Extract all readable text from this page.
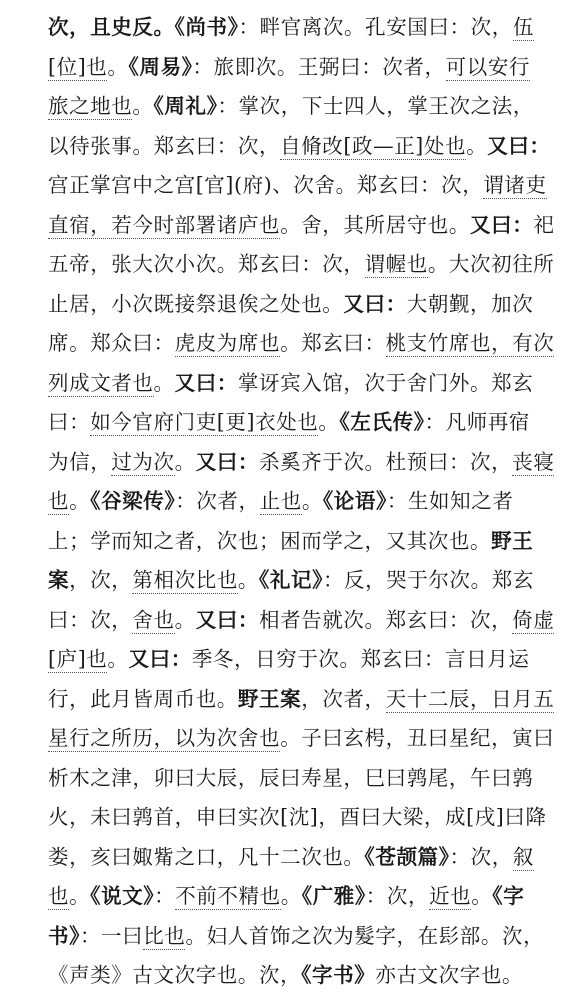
次，且史反。《尚书》：畔官离次。孔安国曰：次，伍
[位]也。《周易》：旅即次。王弼曰：次者，可以安行
旅之地也。《周礼》：掌次，下士四人，掌王次之法，
以待张事。郑玄曰：次，自脩改[政—正]处也。又曰：
宫正掌宫中之宫[官](府)、次舍。郑玄曰：次，谓诸吏
直宿，若今时部署诸庐也。舍，其所居守也。又曰：祀
五帝，张大次小次。郑玄曰：次，谓幄也。大次初往所
止居，小次既接祭退俟之处也。又曰：大朝觐，加次
席。郑众曰：虎皮为席也。郑玄曰：桃支竹席也，有次
列成文者也。又曰：掌讶宾入馆，次于舍门外。郑玄
曰：如今官府门吏[更]衣处也。《左氏传》：凡师再宿
为信，过为次。又曰：杀奚齐于次。杜预曰：次，丧寝
也。《谷梁传》：次者，止也。《论语》：生如知之者
上；学而知之者，次也；困而学之，又其次也。野王
案，次，第相次比也。《礼记》：反，哭于尔次。郑玄
曰：次，舍也。又曰：相者告就次。郑玄曰：次，倚虚
[庐]也。又曰：季冬，日穷于次。郑玄曰：言日月运
行，此月皆周币也。野王案，次者，天十二辰，日月五
星行之所历，以为次舍也。子曰玄枵，丑曰星纪，寅曰
析木之津，卯曰大辰，辰曰寿星，巳曰鹑尾，午曰鹑
火，未曰鹑首，申曰实次[沈]，酉曰大梁，成[戌]曰降
娄，亥曰娵觜之口，凡十二次也。《苍颉篇》：次，叙
也。《说文》：不前不精也。《广雅》：次，近也。《字
书》：一曰比也。妇人首饰之次为髮字，在髟部。㳄，
《声类》古文次字也。㳄，《字书》亦古文次字也。
